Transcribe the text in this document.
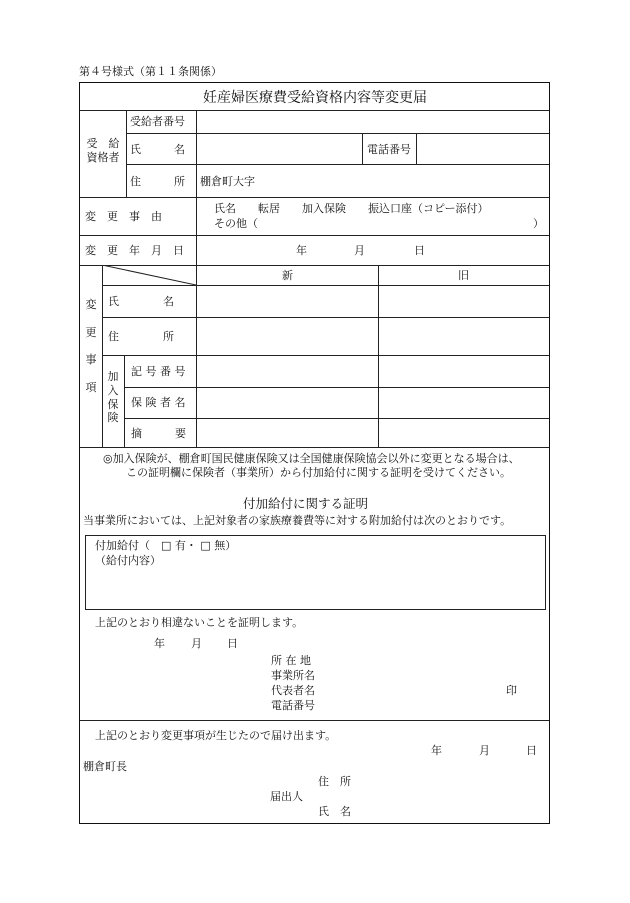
第４号様式（第１１条関係）
妊産婦医療費受給資格内容等変更届
受　給
資格者
受給者番号
氏　　　名	電話番号
住　　　所 棚倉町大字
変　更　事　由
氏名　　転居　　加入保険　　振込口座（コピー添付）
その他（　　　　　　　　　　　　　　　　　　　　　　　　　）
変　更　年　月　日	年	月	日
変

更

事

項
新	旧
氏　　　　名
住　　　　所
加
入
保
険
記 号 番 号
保 険 者 名
摘　　　要
◎加入保険が、棚倉町国民健康保険又は全国健康保険協会以外に変更となる場合は、
この証明欄に保険者（事業所）から付加給付に関する証明を受けてください。
付加給付に関する証明
当事業所においては、上記対象者の家族療養費等に対する附加給付は次のとおりです。
付加給付（　□ 有・ □ 無）
（給付内容）
上記のとおり相違ないことを証明します。
年 月 日
所 在 地
事業所名
代表者名	印
電話番号
上記のとおり変更事項が生じたので届け出ます。
年	月	日
棚倉町長
住　所
届出人
氏　名
